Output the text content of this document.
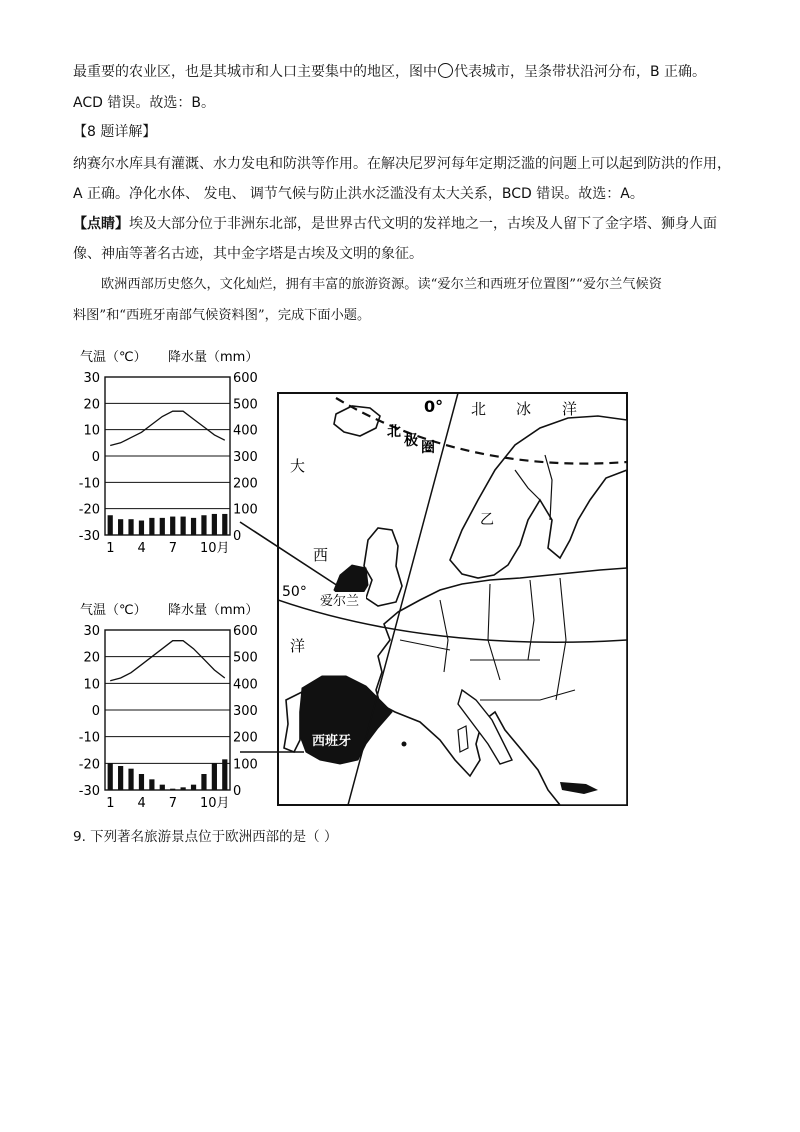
最重要的农业区，也是其城市和人口主要集中的地区，图中 代表城市，呈条带状沿河分布，B 正确。
ACD 错误。故选：B。
【8 题详解】
纳赛尔水库具有灌溉、水力发电和防洪等作用。在解决尼罗河每年定期泛滥的问题上可以起到防洪的作用，
A 正确。净化水体、 发电、 调节气候与防止洪水泛滥没有太大关系，BCD 错误。故选：A。
【点睛】埃及大部分位于非洲东北部，是世界古代文明的发祥地之一，古埃及人留下了金字塔、狮身人面
像、神庙等著名古迹，其中金字塔是古埃及文明的象征。
欧洲西部历史悠久，文化灿烂，拥有丰富的旅游资源。读“爱尔兰和西班牙位置图”“爱尔兰气候资
料图”和“西班牙南部气候资料图”，完成下面小题。
气温（℃） 降水量（mm）
30
20
10
0
-10
-20
-30
600
500
400
300
200
100
0
1 4 7 10月
气温（℃） 降水量（mm）
30
20
10
0
-10
-20
-30
600
500
400
300
200
100
0
1 4 7 10月
0° 北 冰 洋
北
极 圈
大
西
洋
乙
50°
爱尔兰
西班牙
9. 下列著名旅游景点位于欧洲西部的是（ ）
